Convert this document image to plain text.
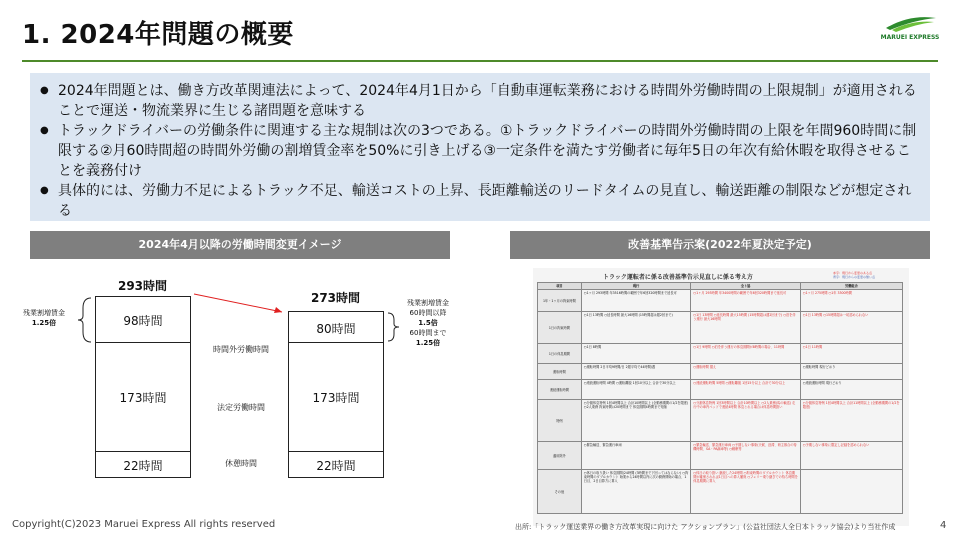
1. 2024年問題の概要	MARUEI EXPRESS
● 2024年問題とは、働き方改革関連法によって、2024年4月1日から「自動車運転業務における時間外労働時間の上限規制」が適用されることで運送・物流業界に生じる諸問題を意味する
● トラックドライバーの労働条件に関連する主な規制は次の3つである。①トラックドライバーの時間外労働時間の上限を年間960時間に制限する②月60時間超の時間外労働の割増賃金率を50%に引き上げる③一定条件を満たす労働者に毎年5日の年次有給休暇を取得させることを義務付け
● 具体的には、労働力不足によるトラック不足、輸送コストの上昇、長距離輸送のリードタイムの見直し、輸送距離の制限などが想定される
2024年4月以降の労働時間変更イメージ	改善基準告示案(2022年夏決定予定)
293時間
273時間
98時間
173時間
22時間
80時間
173時間
22時間
時間外労働時間
法定労働時間
休憩時間
残業割増賃金
1.25倍
残業割増賃金
60時間以降
1.5倍
60時間まで
1.25倍
トラック運転者に係る改善基準告示見直しに係る考え方
赤字：現行から変更のある点
青字：現行からの変更の無い点
項目	現行	全ト協	労働組合
1年・1ヶ月の拘束時間	○1ヶ月 293時間 年3516時間の範囲で年6回320時間まで延長可	○1ヶ月 293時間 年3400時間の範囲で年6回320時間まで延長可	○1ヶ月 275時間 ○1年 3300時間
1日の拘束時間	○1日 13時間 ○延長時間 最大16時間 (15時間超は週2回まで)	○1日 13時間 ○延長時間 最大15時間 (15時間超は週2回まで) ○泊を伴う運行 最大16時間	○1日 13時間 ○15時間超は一切認められない
1日の休息期間	○1日 8時間	○1日 9時間 ○泊を伴う運行の休息期間が8時間の場合、11時間	○1日 11時間
運転時間	○運転時間 2日平均9時間/日 2週平均で44時間/週	○運転時間 据え	○運転時間 現行どおり
連続運転時間	○連続運転時間 4時間 ○運転離脱 1回10分以上 合計で30分以上	○連続運転時間 5時間 ○運転離脱 1回15分以上 合計で30分以上	○連続運転時間 現行どおり
特例	○分割休息特例 1回4時間以上 合計10時間以上 (全勤務期間の1/2を限度) ○2人乗務 拘束時間は20時間まで 休息期間4時間まで短縮	○分割休息特例 1回3時間以上 合計10時間以上 ○2人乗務(馬の輸送) 走行中の車内ベッドで連続4時間 休息とれる場合は休息時間扱い	○分割休息特例 1回4時間以上 合計11時間以上 (全勤務期間の1/2を限度)
適用除外	○緊急輸送、緊急運行車両	○緊急輸送、緊急運行車両 ○予期しない事象(天候、渋滞、荷主都合の待機時間、SA・PA満車等) ○睡眠等	○予期しない事象に限定し記録を認められない
その他	○休日の取り扱い 休息期間(24時間 (3時間まで下回ってはならない) ○拘束時間のダブルカウント 始業から24時間以内に次の勤務開始の場合、1日目、2日目算方に算入	○休日の取り扱い 継続した24時間 ○拘束時間のダブルカウント 休息期間が確保されれば1日目への算入撤廃 ○フェリー乗り継ぎでの待ち時間を休息期間に算入	
Copyright(C)2023 Maruei Express All rights reserved	出所:「トラック運送業界の働き方改革実現に向けた アクションプラン」(公益社団法人全日本トラック協会)より当社作成	4
